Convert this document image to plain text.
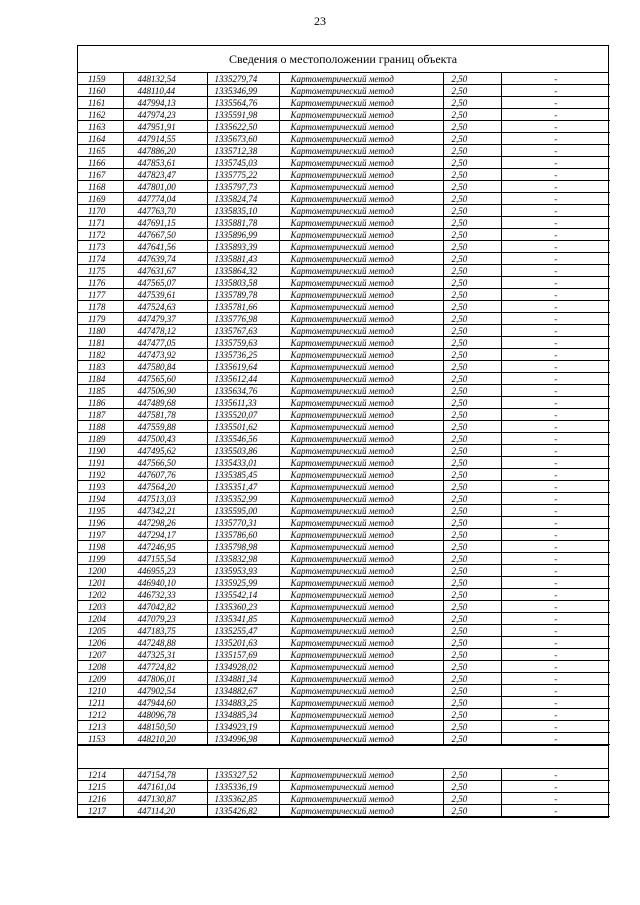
23
Сведения о местоположении границ объекта
1159	448132,54	1335279,74	Картометрический метод	2,50	-
1160	448110,44	1335346,99	Картометрический метод	2,50	-
1161	447994,13	1335564,76	Картометрический метод	2,50	-
1162	447974,23	1335591,98	Картометрический метод	2,50	-
1163	447951,91	1335622,50	Картометрический метод	2,50	-
1164	447914,55	1335673,60	Картометрический метод	2,50	-
1165	447886,20	1335712,38	Картометрический метод	2,50	-
1166	447853,61	1335745,03	Картометрический метод	2,50	-
1167	447823,47	1335775,22	Картометрический метод	2,50	-
1168	447801,00	1335797,73	Картометрический метод	2,50	-
1169	447774,04	1335824,74	Картометрический метод	2,50	-
1170	447763,70	1335835,10	Картометрический метод	2,50	-
1171	447691,15	1335881,78	Картометрический метод	2,50	-
1172	447667,50	1335896,99	Картометрический метод	2,50	-
1173	447641,56	1335893,39	Картометрический метод	2,50	-
1174	447639,74	1335881,43	Картометрический метод	2,50	-
1175	447631,67	1335864,32	Картометрический метод	2,50	-
1176	447565,07	1335803,58	Картометрический метод	2,50	-
1177	447539,61	1335789,78	Картометрический метод	2,50	-
1178	447524,63	1335781,66	Картометрический метод	2,50	-
1179	447479,37	1335776,98	Картометрический метод	2,50	-
1180	447478,12	1335767,63	Картометрический метод	2,50	-
1181	447477,05	1335759,63	Картометрический метод	2,50	-
1182	447473,92	1335736,25	Картометрический метод	2,50	-
1183	447580,84	1335619,64	Картометрический метод	2,50	-
1184	447565,60	1335612,44	Картометрический метод	2,50	-
1185	447506,90	1335634,76	Картометрический метод	2,50	-
1186	447489,68	1335611,33	Картометрический метод	2,50	-
1187	447581,78	1335520,07	Картометрический метод	2,50	-
1188	447559,88	1335501,62	Картометрический метод	2,50	-
1189	447500,43	1335546,56	Картометрический метод	2,50	-
1190	447495,62	1335503,86	Картометрический метод	2,50	-
1191	447566,50	1335433,01	Картометрический метод	2,50	-
1192	447607,76	1335385,45	Картометрический метод	2,50	-
1193	447564,20	1335351,47	Картометрический метод	2,50	-
1194	447513,03	1335352,99	Картометрический метод	2,50	-
1195	447342,21	1335595,00	Картометрический метод	2,50	-
1196	447298,26	1335770,31	Картометрический метод	2,50	-
1197	447294,17	1335786,60	Картометрический метод	2,50	-
1198	447246,95	1335798,98	Картометрический метод	2,50	-
1199	447155,54	1335832,98	Картометрический метод	2,50	-
1200	446955,23	1335953,93	Картометрический метод	2,50	-
1201	446940,10	1335925,99	Картометрический метод	2,50	-
1202	446732,33	1335542,14	Картометрический метод	2,50	-
1203	447042,82	1335360,23	Картометрический метод	2,50	-
1204	447079,23	1335341,85	Картометрический метод	2,50	-
1205	447183,75	1335255,47	Картометрический метод	2,50	-
1206	447248,88	1335201,63	Картометрический метод	2,50	-
1207	447325,31	1335157,69	Картометрический метод	2,50	-
1208	447724,82	1334928,02	Картометрический метод	2,50	-
1209	447806,01	1334881,34	Картометрический метод	2,50	-
1210	447902,54	1334882,67	Картометрический метод	2,50	-
1211	447944,60	1334883,25	Картометрический метод	2,50	-
1212	448096,78	1334885,34	Картометрический метод	2,50	-
1213	448150,50	1334923,19	Картометрический метод	2,50	-
1153	448210,20	1334996,98	Картометрический метод	2,50	-
1214	447154,78	1335327,52	Картометрический метод	2,50	-
1215	447161,04	1335336,19	Картометрический метод	2,50	-
1216	447130,87	1335362,85	Картометрический метод	2,50	-
1217	447114,20	1335426,82	Картометрический метод	2,50	-
